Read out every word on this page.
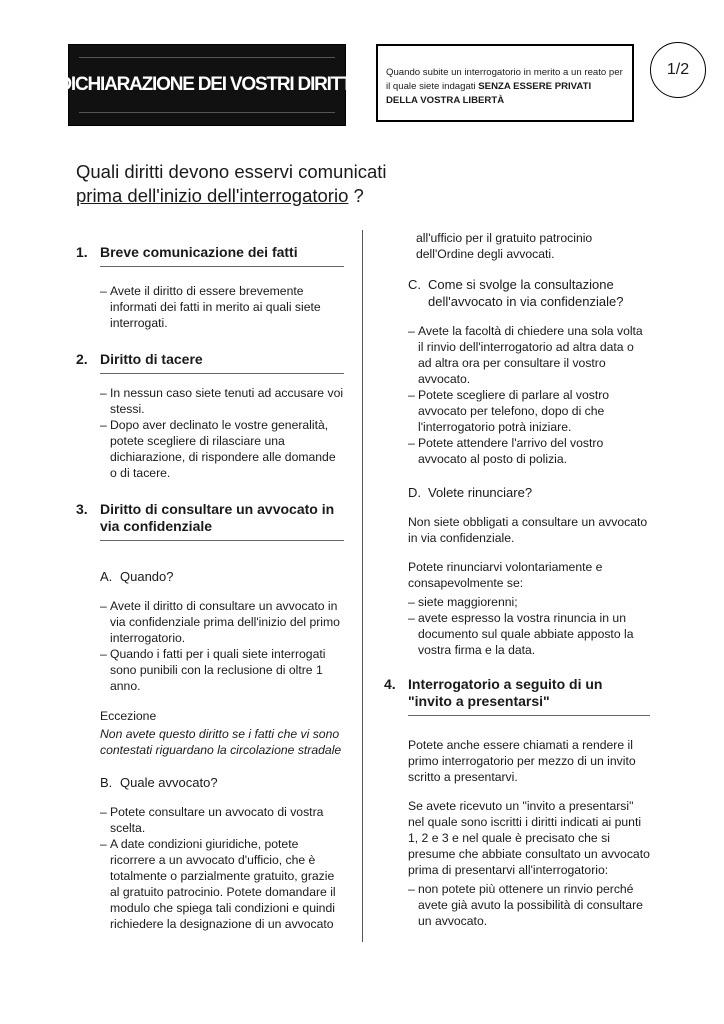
DICHIARAZIONE DEI VOSTRI DIRITTI
Quando subite un interrogatorio in merito a un reato per il quale siete indagati SENZA ESSERE PRIVATI DELLA VOSTRA LIBERTÀ
1/2
Quali diritti devono esservi comunicati
prima dell'inizio dell'interrogatorio ?
1. Breve comunicazione dei fatti
– Avete il diritto di essere brevemente informati dei fatti in merito ai quali siete interrogati.
2. Diritto di tacere
– In nessun caso siete tenuti ad accusare voi stessi.
– Dopo aver declinato le vostre generalità, potete scegliere di rilasciare una dichiarazione, di rispondere alle domande o di tacere.
3. Diritto di consultare un avvocato in via confidenziale
A. Quando?
– Avete il diritto di consultare un avvocato in via confidenziale prima dell'inizio del primo interrogatorio.
– Quando i fatti per i quali siete interrogati sono punibili con la reclusione di oltre 1 anno.
Eccezione
Non avete questo diritto se i fatti che vi sono contestati riguardano la circolazione stradale
B. Quale avvocato?
– Potete consultare un avvocato di vostra scelta.
– A date condizioni giuridiche, potete ricorrere a un avvocato d'ufficio, che è totalmente o parzialmente gratuito, grazie al gratuito patrocinio. Potete domandare il modulo che spiega tali condizioni e quindi richiedere la designazione di un avvocato
all'ufficio per il gratuito patrocinio dell'Ordine degli avvocati.
C. Come si svolge la consultazione dell'avvocato in via confidenziale?
– Avete la facoltà di chiedere una sola volta il rinvio dell'interrogatorio ad altra data o ad altra ora per consultare il vostro avvocato.
– Potete scegliere di parlare al vostro avvocato per telefono, dopo di che l'interrogatorio potrà iniziare.
– Potete attendere l'arrivo del vostro avvocato al posto di polizia.
D. Volete rinunciare?
Non siete obbligati a consultare un avvocato in via confidenziale.
Potete rinunciarvi volontariamente e consapevolmente se:
– siete maggiorenni;
– avete espresso la vostra rinuncia in un documento sul quale abbiate apposto la vostra firma e la data.
4. Interrogatorio a seguito di un "invito a presentarsi"
Potete anche essere chiamati a rendere il primo interrogatorio per mezzo di un invito scritto a presentarvi.
Se avete ricevuto un "invito a presentarsi" nel quale sono iscritti i diritti indicati ai punti 1, 2 e 3 e nel quale è precisato che si presume che abbiate consultato un avvocato prima di presentarvi all'interrogatorio:
– non potete più ottenere un rinvio perché avete già avuto la possibilità di consultare un avvocato.
